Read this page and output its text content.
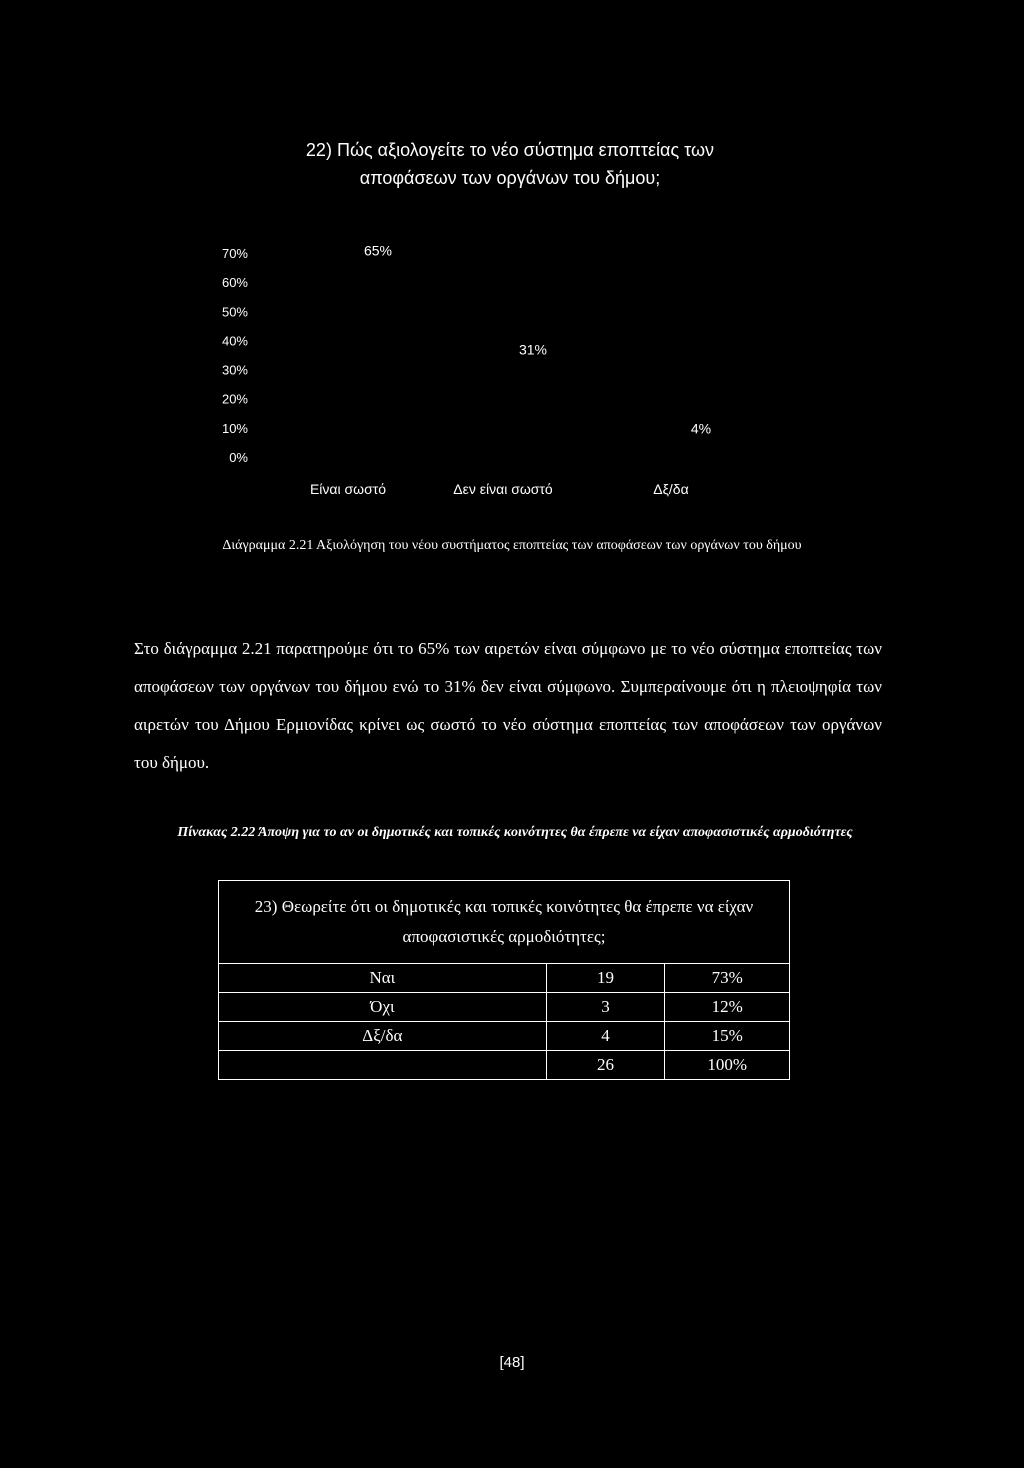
22) Πώς αξιολογείτε το νέο σύστημα εποπτείας των
αποφάσεων των οργάνων του δήμου;
0%
10%
20%
30%
40%
50%
60%
70%	65%
31%
4%
Είναι σωστό	Δεν είναι σωστό	Δξ/δα
Διάγραμμα 2.21 Αξιολόγηση του νέου συστήματος εποπτείας των αποφάσεων των οργάνων του δήμου
Στο διάγραμμα 2.21 παρατηρούμε ότι το 65% των αιρετών είναι σύμφωνο με το νέο σύστημα εποπτείας των αποφάσεων των οργάνων του δήμου ενώ το 31% δεν είναι σύμφωνο. Συμπεραίνουμε ότι η πλειοψηφία των αιρετών του Δήμου Ερμιονίδας κρίνει ως σωστό το νέο σύστημα εποπτείας των αποφάσεων των οργάνων του δήμου.
Πίνακας 2.22 Άποψη για το αν οι δημοτικές και τοπικές κοινότητες θα έπρεπε να είχαν αποφασιστικές αρμοδιότητες
23) Θεωρείτε ότι οι δημοτικές και τοπικές κοινότητες θα έπρεπε να είχαν αποφασιστικές αρμοδιότητες;		
Ναι	19	73%
Όχι	3	12%
Δξ/δα	4	15%
	26	100%
[48]
